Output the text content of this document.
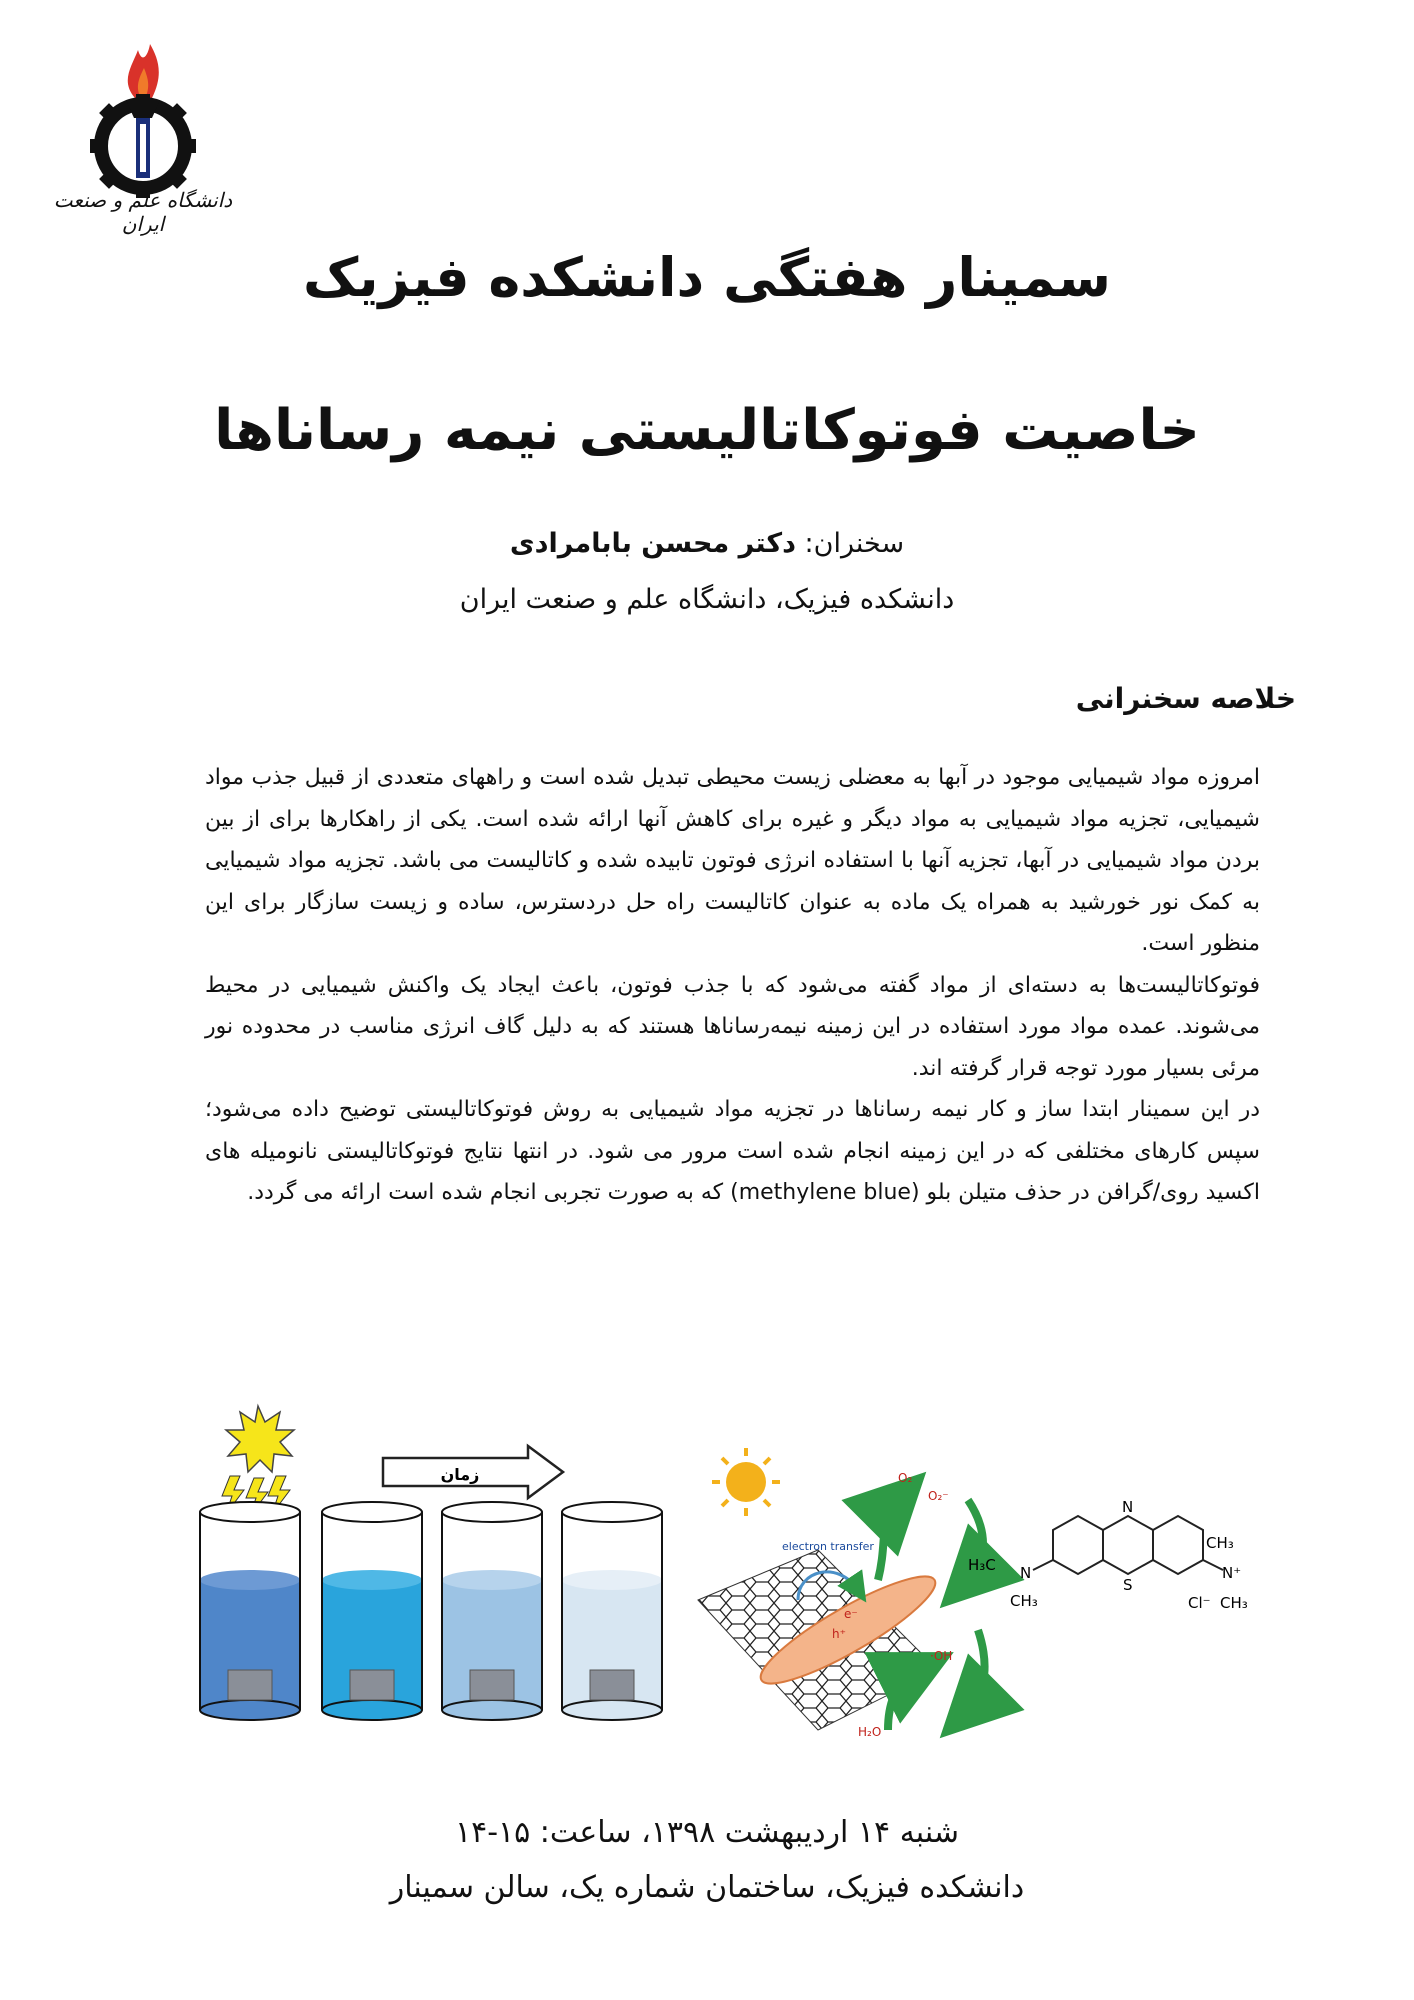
دانشگاه علم و صنعت ایران
سمینار هفتگی دانشکده فیزیک
خاصیت فوتوکاتالیستی نیمه رساناها
سخنران: دکتر محسن بابامرادی
دانشکده فیزیک، دانشگاه علم و صنعت ایران
خلاصه سخنرانی

امروزه مواد شیمیایی موجود در آبها به معضلی زیست محیطی تبدیل شده است و راههای متعددی از قبیل جذب مواد شیمیایی، تجزیه مواد شیمیایی به مواد دیگر و غیره برای کاهش آنها ارائه شده است. یکی از راهکارها برای از بین بردن مواد شیمیایی در آبها، تجزیه آنها با استفاده انرژی فوتون تابیده شده و کاتالیست می باشد. تجزیه مواد شیمیایی به کمک نور خورشید به همراه یک ماده به عنوان کاتالیست راه حل دردسترس، ساده و زیست سازگار برای این منظور است.

فوتوکاتالیست‌ها به دسته‌ای از مواد گفته می‌شود که با جذب فوتون، باعث ایجاد یک واکنش شیمیایی در محیط می‌شوند. عمده مواد مورد استفاده در این زمینه نیمه‌رساناها هستند که به دلیل گاف انرژی مناسب در محدوده نور مرئی بسیار مورد توجه قرار گرفته اند.

در این سمینار ابتدا ساز و کار نیمه رساناها در تجزیه مواد شیمیایی به روش فوتوکاتالیستی توضیح داده می‌شود؛ سپس کارهای مختلفی که در این زمینه انجام شده است مرور می شود. در انتها نتایج فوتوکاتالیستی نانومیله های اکسید روی/گرافن در حذف متیلن بلو (methylene blue) که به صورت تجربی انجام شده است ارائه می گردد.

زمان
electron transfer
e⁻
h⁺
O₂
O₂⁻
·OH
H₂O
N
S
N
H₃C
CH₃
N⁺
CH₃
Cl⁻ CH₃
شنبه ۱۴ اردیبهشت ۱۳۹۸، ساعت: ۱۵-۱۴
دانشکده فیزیک، ساختمان شماره یک، سالن سمینار
